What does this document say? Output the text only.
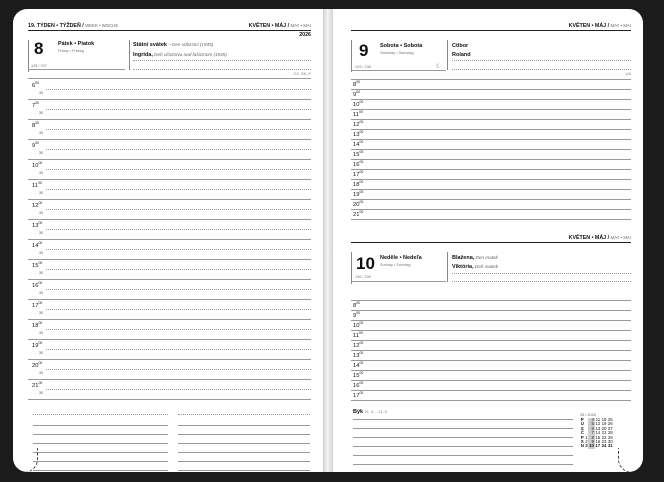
19. TÝDEN • TÝŽDEŇ / WEEK • WOCHE	KVĚTEN • MÁJ / MAY • MAI
2026
8	Pátek • Piatok
Friday • Freitag
128 / 237
Státní svátek – Den vítězství (1945)
Ingrida, Deň víťazstva nad fašizmom (1945)
CZ, SK, F
$6^{00}$
30
$7^{00}$
30
$8^{00}$
30
$9^{00}$
30
$10^{00}$
30
$11^{00}$
30
$12^{00}$
30
$13^{00}$
30
$14^{00}$
30
$15^{00}$
30
$16^{00}$
30
$17^{00}$
30
$18^{00}$
30
$19^{00}$
30
$20^{00}$
30
$21^{00}$
30
KVĚTEN • MÁJ / MAY • MAI
9 Sobota • Sobota
Saturday • Samstag
129 / 236	☾
Ctibor
Roland
UA
$8^{00}$
$9^{00}$
$10^{00}$
$11^{00}$
$12^{00}$
$13^{00}$
$14^{00}$
$15^{00}$
$16^{00}$
$17^{00}$
$18^{00}$
$19^{00}$
$20^{00}$
$21^{00}$
KVĚTEN • MÁJ / MAY • MAI
10 Neděle • Nedeľa
Sunday • Sonntag
130 / 235
Blažena, Den matek
Viktória, Deň matiek
$8^{00}$
$9^{00}$
$10^{00}$
$11^{00}$
$12^{00}$
$13^{00}$
$14^{00}$
$15^{00}$
$16^{00}$
$17^{00}$
Býk 21. 4. – 21. 5.
05 / 2026
P		4	11	18	25
Ú		5	12	19	26
S		6	13	20	27
Č		7	14	21	28
P	1	8	15	22	29
S	2	9	16	23	30
N	3	10	17	24	31
